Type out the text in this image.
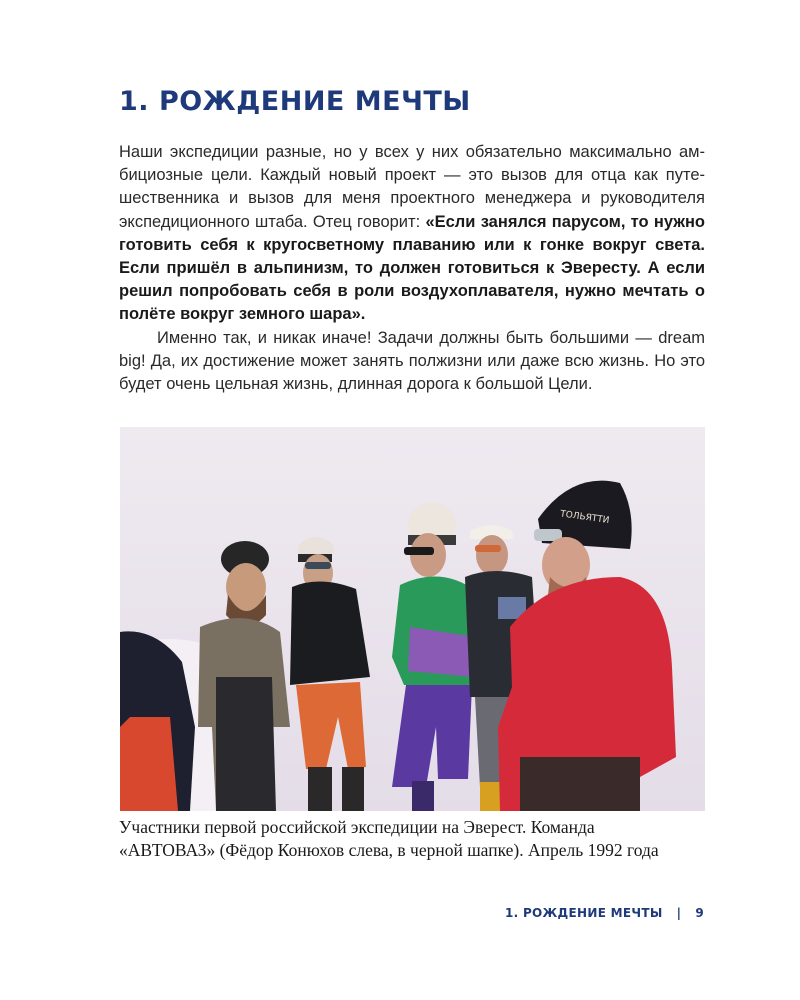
1. РОЖДЕНИЕ МЕЧТЫ

Наши экспедиции разные, но у всех у них обязательно максимально амбициозные цели. Каждый новый проект — это вызов для отца как путешественника и вызов для меня проектного менеджера и руководителя экспедиционного штаба. Отец говорит: «Если занялся парусом, то нужно готовить себя к кругосветному плаванию или к гонке вокруг света. Если пришёл в альпинизм, то должен готовиться к Эвересту. А если решил попробовать себя в роли воздухоплавателя, нужно мечтать о полёте вокруг земного шара».

Именно так, и никак иначе! Задачи должны быть большими — dream big! Да, их достижение может занять полжизни или даже всю жизнь. Но это будет очень цельная жизнь, длинная дорога к большой Цели.

ТОЛЬЯТТИ

Участники первой российской экспедиции на Эверест. Команда
«АВТОВАЗ» (Фёдор Конюхов слева, в черной шапке). Апрель 1992 года

1. РОЖДЕНИЕ МЕЧТЫ | 9
